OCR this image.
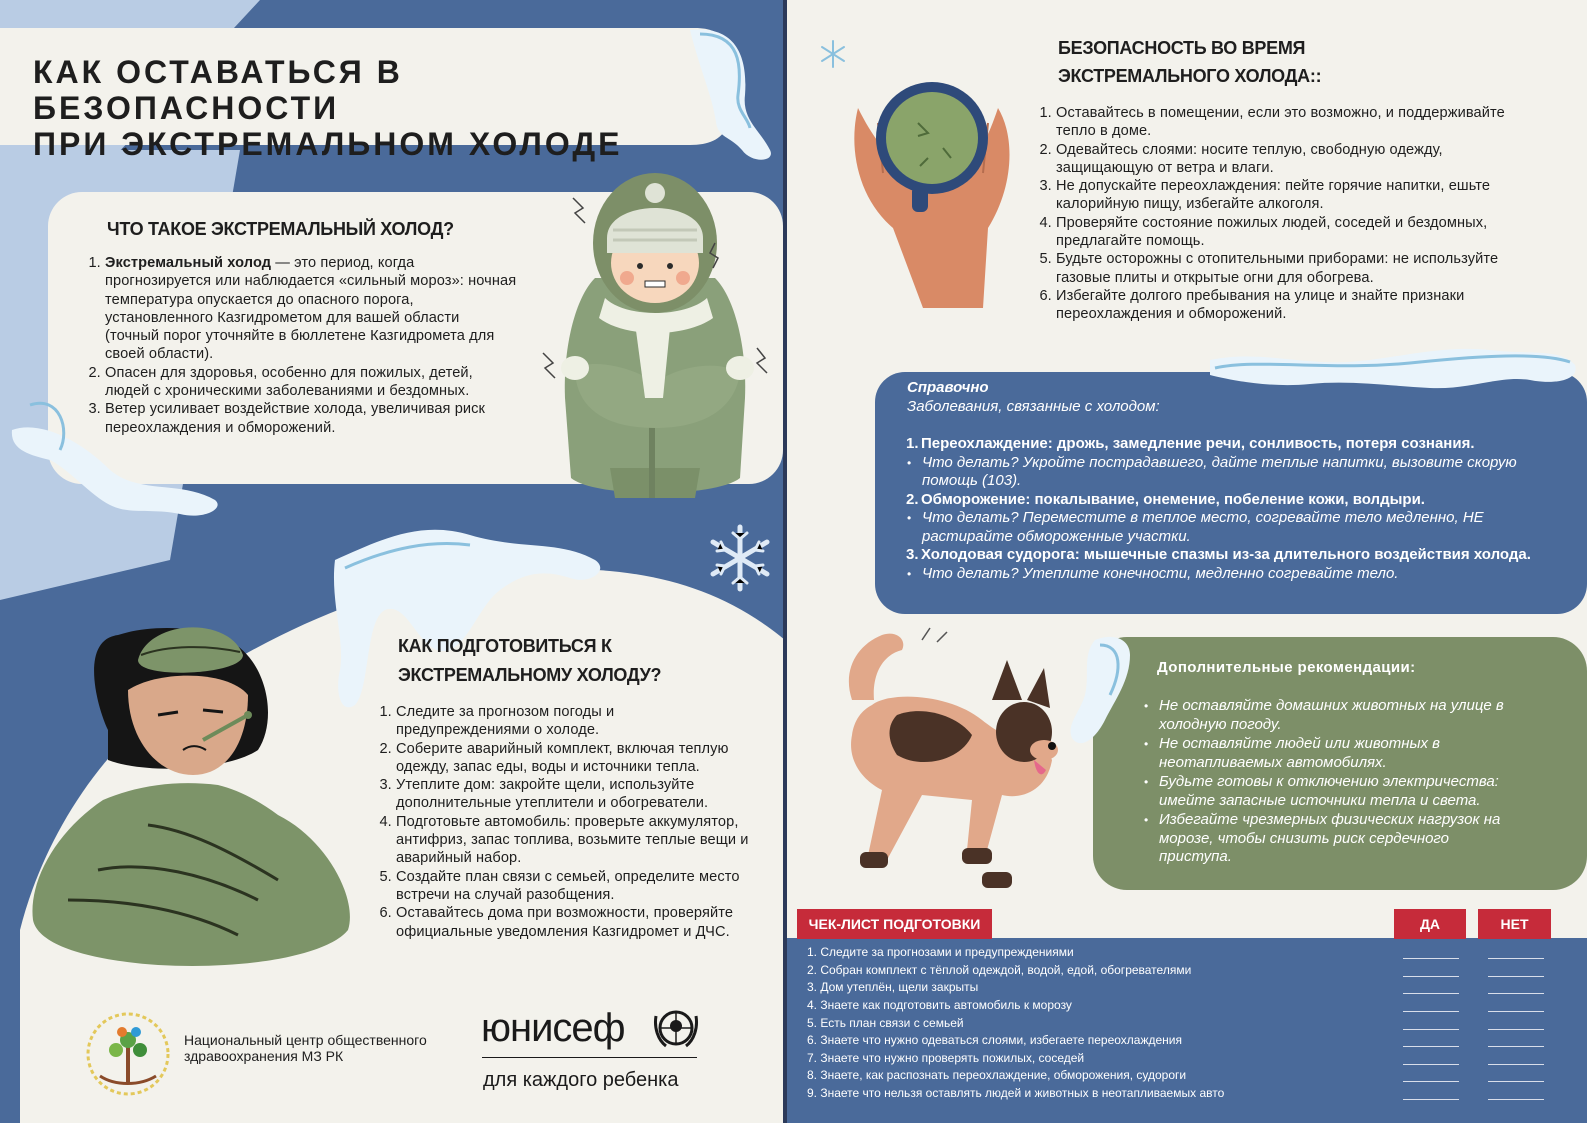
КАК ОСТАВАТЬСЯ В БЕЗОПАСНОСТИ
ПРИ ЭКСТРЕМАЛЬНОМ ХОЛОДЕ
ЧТО ТАКОЕ ЭКСТРЕМАЛЬНЫЙ ХОЛОД?
1. Экстремальный холод — это период, когда прогнозируется или наблюдается «сильный мороз»: ночная температура опускается до опасного порога, установленного Казгидрометом для вашей области (точный порог уточняйте в бюллетене Казгидромета для своей области).
2. Опасен для здоровья, особенно для пожилых, детей, людей с хроническими заболеваниями и бездомных.
3. Ветер усиливает воздействие холода, увеличивая риск переохлаждения и обморожений.
КАК ПОДГОТОВИТЬСЯ К
ЭКСТРЕМАЛЬНОМУ ХОЛОДУ?
1. Следите за прогнозом погоды и предупреждениями о холоде.
2. Соберите аварийный комплект, включая теплую одежду, запас еды, воды и источники тепла.
3. Утеплите дом: закройте щели, используйте дополнительные утеплители и обогреватели.
4. Подготовьте автомобиль: проверьте аккумулятор, антифриз, запас топлива, возьмите теплые вещи и аварийный набор.
5. Создайте план связи с семьей, определите место встречи на случай разобщения.
6. Оставайтесь дома при возможности, проверяйте официальные уведомления Казгидромет и ДЧС.
Национальный центр общественного
здравоохранения МЗ РК
юнисеф
для каждого ребенка
БЕЗОПАСНОСТЬ ВО ВРЕМЯ
ЭКСТРЕМАЛЬНОГО ХОЛОДА::
1. Оставайтесь в помещении, если это возможно, и поддерживайте тепло в доме.
2. Одевайтесь слоями: носите теплую, свободную одежду, защищающую от ветра и влаги.
3. Не допускайте переохлаждения: пейте горячие напитки, ешьте калорийную пищу, избегайте алкоголя.
4. Проверяйте состояние пожилых людей, соседей и бездомных, предлагайте помощь.
5. Будьте осторожны с отопительными приборами: не используйте газовые плиты и открытые огни для обогрева.
6. Избегайте долгого пребывания на улице и знайте признаки переохлаждения и обморожений.
Справочно
Заболевания, связанные с холодом:
1. Переохлаждение: дрожь, замедление речи, сонливость, потеря сознания.
• Что делать? Укройте пострадавшего, дайте теплые напитки, вызовите скорую помощь (103).
2. Обморожение: покалывание, онемение, побеление кожи, волдыри.
• Что делать? Переместите в теплое место, согревайте тело медленно, НЕ растирайте обмороженные участки.
3. Холодовая судорога: мышечные спазмы из-за длительного воздействия холода.
• Что делать? Утеплите конечности, медленно согревайте тело.
Дополнительные рекомендации:
• Не оставляйте домашних животных на улице в холодную погоду.
• Не оставляйте людей или животных в неотапливаемых автомобилях.
• Будьте готовы к отключению электричества: имейте запасные источники тепла и света.
• Избегайте чрезмерных физических нагрузок на морозе, чтобы снизить риск сердечного приступа.
ЧЕК-ЛИСТ ПОДГОТОВКИ	ДА	НЕТ
1. Следите за прогнозами и предупреждениями
2. Собран комплект с тёплой одеждой, водой, едой, обогревателями
3. Дом утеплён, щели закрыты
4. Знаете как подготовить автомобиль к морозу
5. Есть план связи с семьей
6. Знаете что нужно одеваться слоями, избегаете переохлаждения
7. Знаете что нужно проверять пожилых, соседей
8. Знаете, как распознать переохлаждение, обморожения, судороги
9. Знаете что нельзя оставлять людей и животных в неотапливаемых авто
